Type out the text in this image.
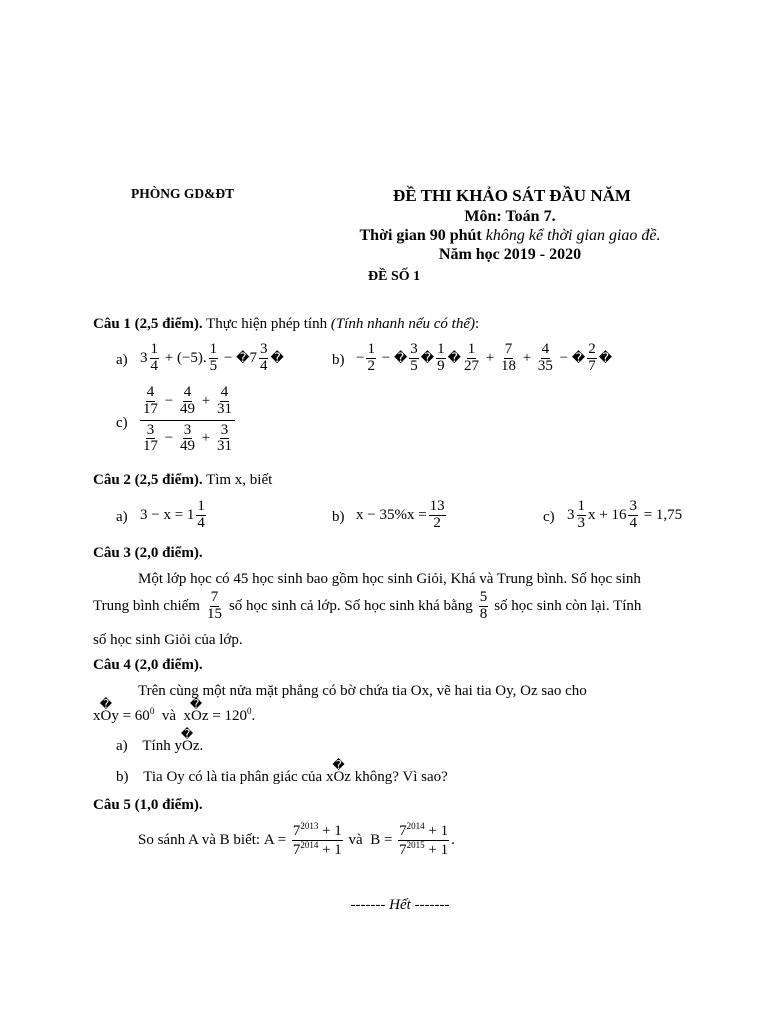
PHÒNG GD&ĐT	ĐỀ THI KHẢO SÁT ĐẦU NĂM
Môn: Toán 7.
Thời gian 90 phút không kể thời gian giao đề.
Năm học 2019 - 2020
ĐỀ SỐ 1
Câu 1 (2,5 điểm). Thực hiện phép tính (Tính nhanh nếu có thể):
a) $3 \frac{1}{4} + (-5)$. $\frac{1}{5}$ − � $7 \frac{3}{4}$ �	$b) - \frac{1}{2}$ − � $\frac{3}{5}$ � $\frac{1}{9}$ � $\frac{1}{27} + \frac{7}{18} + \frac{4}{35}$ − � $\frac{2}{7}$ �
$c) \frac{\frac{4}{17} - \frac{4}{49} + \frac{4}{31}}{\frac{3}{17} - \frac{3}{49} + \frac{3}{31}}$
Câu 2 (2,5 điểm). Tìm x, biết
a) $3 - x = 1 \frac{1}{4}$	b) $x - 35\%x = \frac{13}{2}$	c) $3 \frac{1}{3}$ $x + 16 \frac{3}{4} = 1,75$
Câu 3 (2,0 điểm).
Một lớp học có 45 học sinh bao gồm học sinh Giỏi, Khá và Trung bình. Số học sinh
Trung bình chiếm $\frac{7}{15}$ số học sinh cả lớp. Số học sinh khá bằng $\frac{5}{8}$ số học sinh còn lại. Tính
số học sinh Giỏi của lớp.
Câu 4 (2,0 điểm).
Trên cùng một nửa mặt phẳng có bờ chứa tia Ox, vẽ hai tia Oy, Oz sao cho
xOy
�
= $60^0$ và xOz
�
= $120^0$.
a) Tính yOz
�
.
b) Tia Oy có là tia phân giác của xOz
�
không? Vì sao?
Câu 5 (1,0 điểm).
So sánh A và B biết: $A = \frac{7^{2013} + 1}{7^{2014} + 1}$
và $B = \frac{7^{2014} + 1}{7^{2015} + 1}$ .
------- Hết -------
